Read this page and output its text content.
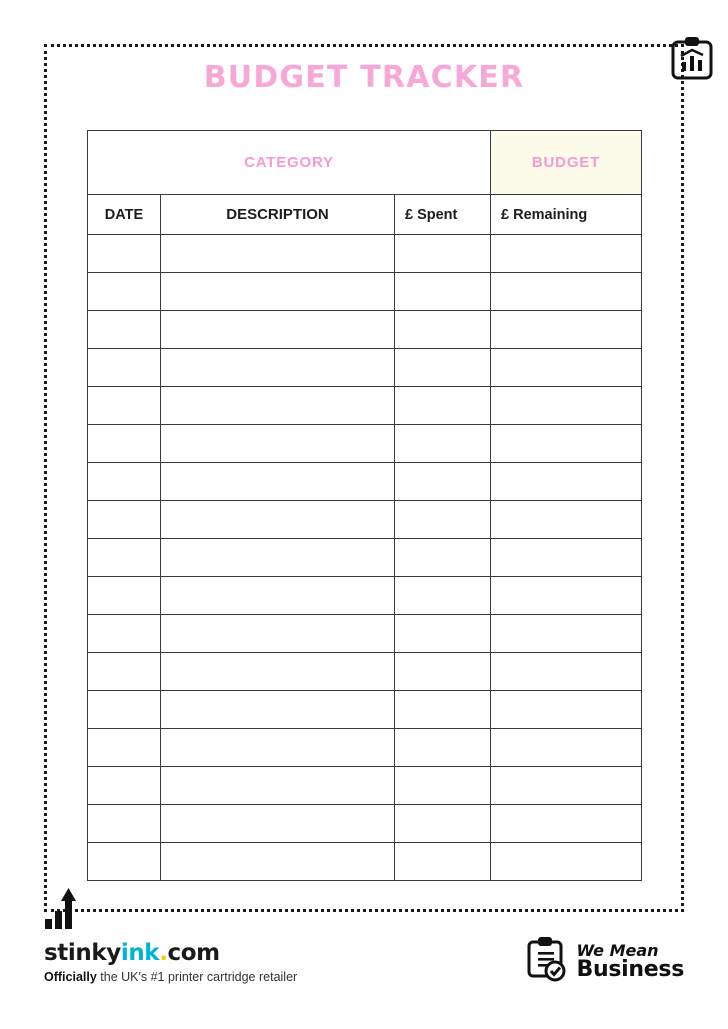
BUDGET TRACKER
CATEGORY			BUDGET
DATE	DESCRIPTION	£ Spent	£ Remaining

stinkyink.com
Officially the UK's #1 printer cartridge retailer
We Mean
Business
